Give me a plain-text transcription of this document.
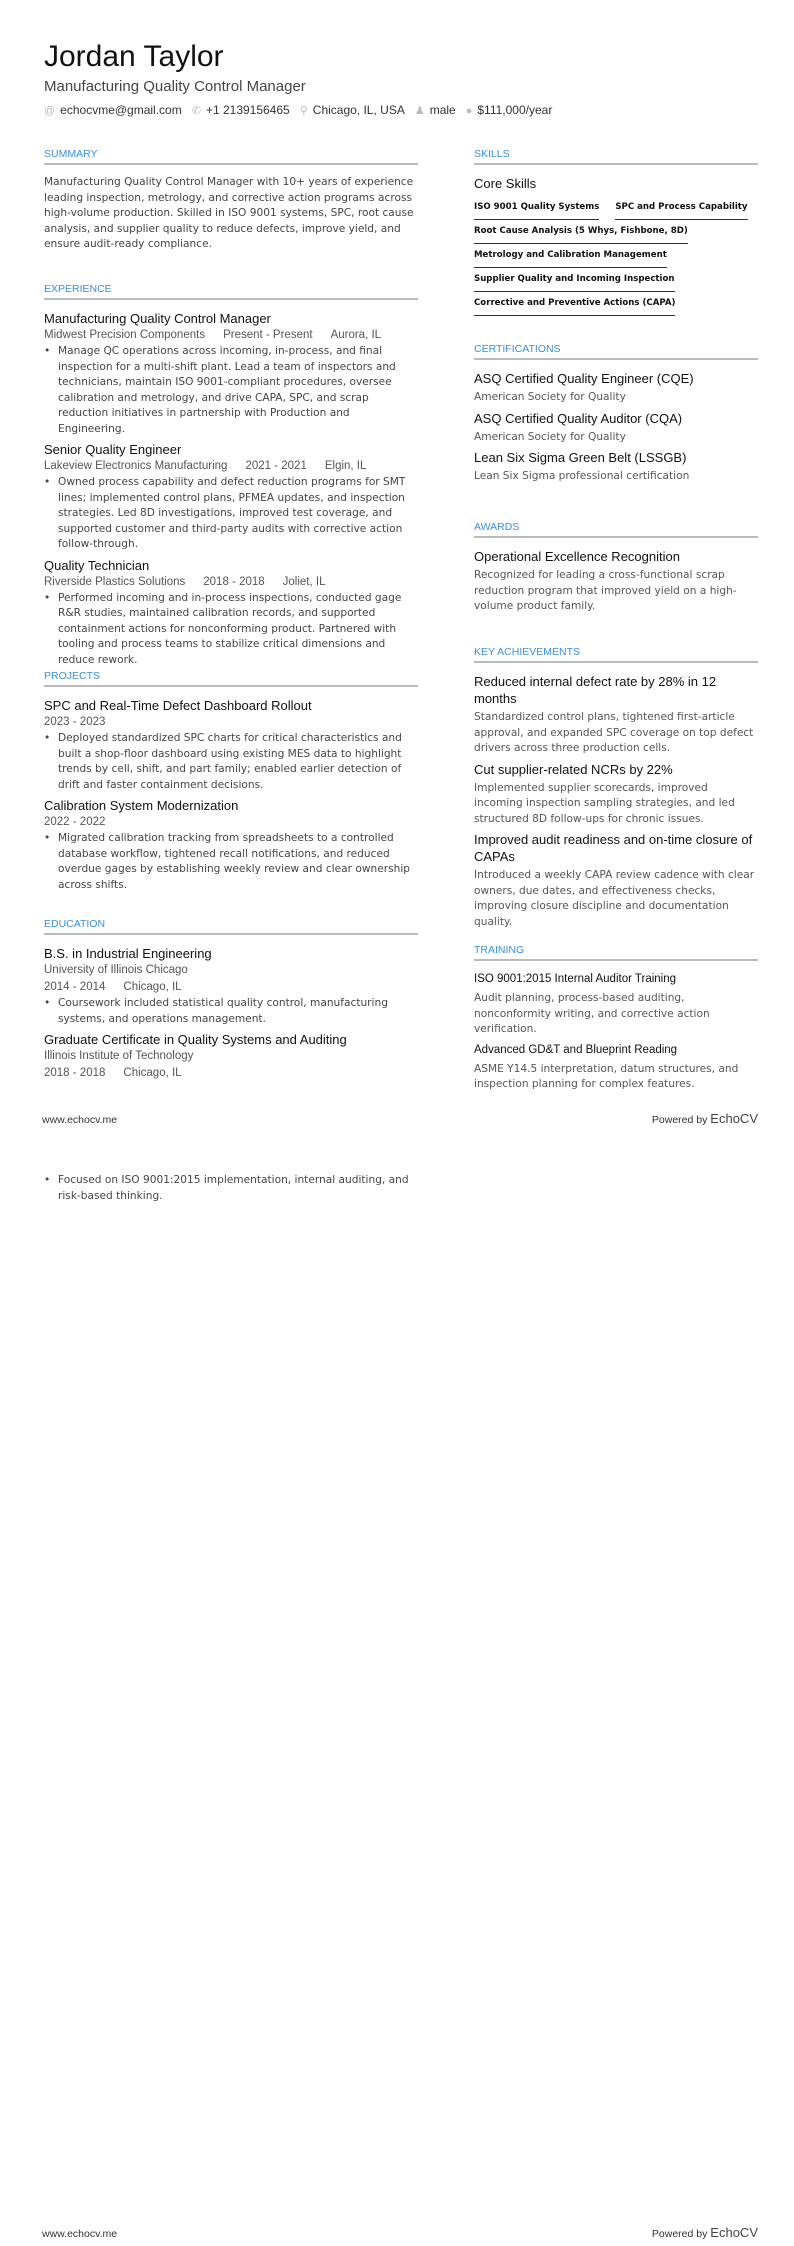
Jordan Taylor
Manufacturing Quality Control Manager
@ echocvme@gmail.com ✆ +1 2139156465 ⚲ Chicago, IL, USA ♟ male ● $111,000/year
SUMMARY
Manufacturing Quality Control Manager with 10+ years of experience leading inspection, metrology, and corrective action programs across high-volume production. Skilled in ISO 9001 systems, SPC, root cause analysis, and supplier quality to reduce defects, improve yield, and ensure audit-ready compliance.
EXPERIENCE
Manufacturing Quality Control Manager
Midwest Precision Components Present - Present Aurora, IL
• Manage QC operations across incoming, in-process, and final inspection for a multi-shift plant. Lead a team of inspectors and technicians, maintain ISO 9001-compliant procedures, oversee calibration and metrology, and drive CAPA, SPC, and scrap reduction initiatives in partnership with Production and Engineering.
Senior Quality Engineer
Lakeview Electronics Manufacturing 2021 - 2021 Elgin, IL
• Owned process capability and defect reduction programs for SMT lines; implemented control plans, PFMEA updates, and inspection strategies. Led 8D investigations, improved test coverage, and supported customer and third-party audits with corrective action follow-through.
Quality Technician
Riverside Plastics Solutions 2018 - 2018 Joliet, IL
• Performed incoming and in-process inspections, conducted gage R&R studies, maintained calibration records, and supported containment actions for nonconforming product. Partnered with tooling and process teams to stabilize critical dimensions and reduce rework.
PROJECTS
SPC and Real-Time Defect Dashboard Rollout
2023 - 2023
• Deployed standardized SPC charts for critical characteristics and built a shop-floor dashboard using existing MES data to highlight trends by cell, shift, and part family; enabled earlier detection of drift and faster containment decisions.
Calibration System Modernization
2022 - 2022
• Migrated calibration tracking from spreadsheets to a controlled database workflow, tightened recall notifications, and reduced overdue gages by establishing weekly review and clear ownership across shifts.
EDUCATION
B.S. in Industrial Engineering
University of Illinois Chicago
2014 - 2014 Chicago, IL
• Coursework included statistical quality control, manufacturing systems, and operations management.
Graduate Certificate in Quality Systems and Auditing
Illinois Institute of Technology
2018 - 2018 Chicago, IL
• Focused on ISO 9001:2015 implementation, internal auditing, and risk-based thinking.
SKILLS
Core Skills
ISO 9001 Quality Systems SPC and Process Capability
Root Cause Analysis (5 Whys, Fishbone, 8D)
Metrology and Calibration Management
Supplier Quality and Incoming Inspection
Corrective and Preventive Actions (CAPA)
CERTIFICATIONS
ASQ Certified Quality Engineer (CQE)
American Society for Quality
ASQ Certified Quality Auditor (CQA)
American Society for Quality
Lean Six Sigma Green Belt (LSSGB)
Lean Six Sigma professional certification
AWARDS
Operational Excellence Recognition
Recognized for leading a cross-functional scrap reduction program that improved yield on a high-volume product family.
KEY ACHIEVEMENTS
Reduced internal defect rate by 28% in 12 months
Standardized control plans, tightened first-article approval, and expanded SPC coverage on top defect drivers across three production cells.
Cut supplier-related NCRs by 22%
Implemented supplier scorecards, improved incoming inspection sampling strategies, and led structured 8D follow-ups for chronic issues.
Improved audit readiness and on-time closure of CAPAs
Introduced a weekly CAPA review cadence with clear owners, due dates, and effectiveness checks, improving closure discipline and documentation quality.
TRAINING
ISO 9001:2015 Internal Auditor Training
Audit planning, process-based auditing, nonconformity writing, and corrective action verification.
Advanced GD&T and Blueprint Reading
ASME Y14.5 interpretation, datum structures, and inspection planning for complex features.
www.echocv.me	Powered by EchoCV
www.echocv.me	Powered by EchoCV
